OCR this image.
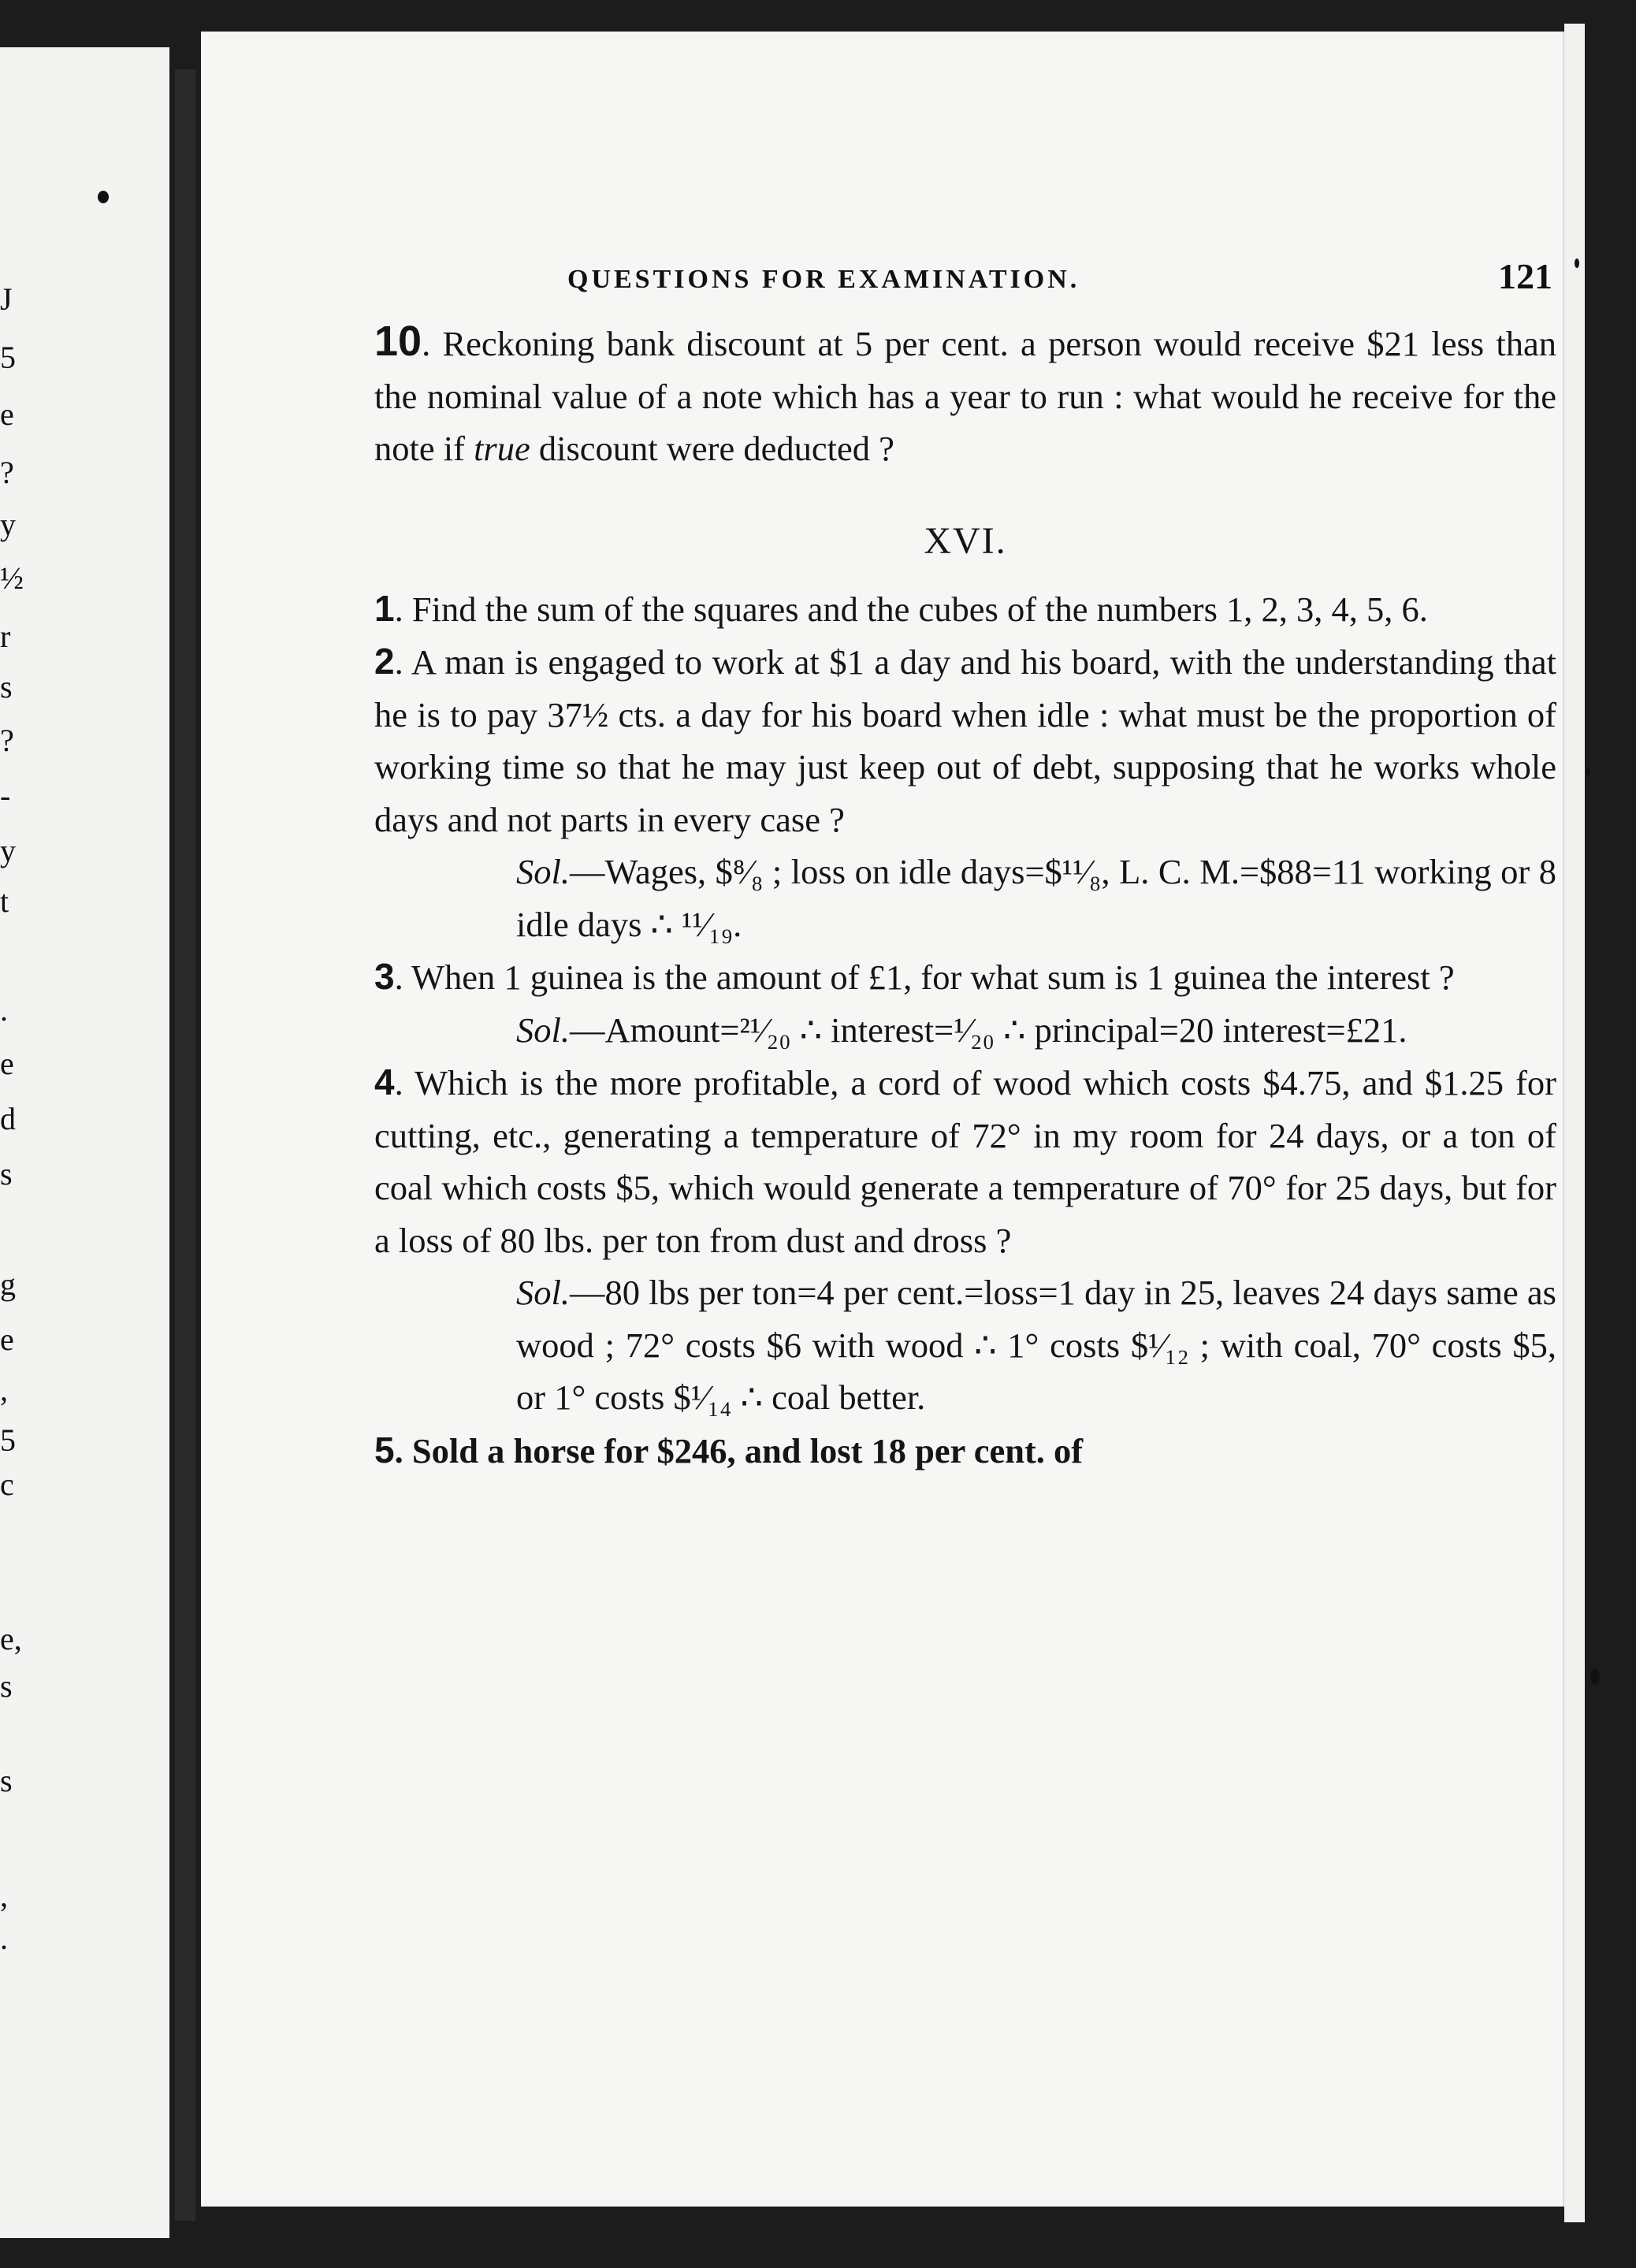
J
5
e
?
y
½
r
s
?
-
y
t
.
e
d
s
g
e
,
5
c
e,
s
s
,
.
QUESTIONS FOR EXAMINATION.	121

10. Reckoning bank discount at 5 per cent. a person would receive $21 less than the nominal value of a note which has a year to run : what would he receive for the note if true discount were deducted ?

XVI.

1. Find the sum of the squares and the cubes of the numbers 1, 2, 3, 4, 5, 6.

2. A man is engaged to work at $1 a day and his board, with the understanding that he is to pay 37½ cts. a day for his board when idle : what must be the proportion of working time so that he may just keep out of debt, supposing that he works whole days and not parts in every case ?

Sol.—Wages, $⁸⁄₈ ; loss on idle days=$¹¹⁄₈, L. C. M.=$88=11 working or 8 idle days ∴ ¹¹⁄₁₉.

3. When 1 guinea is the amount of £1, for what sum is 1 guinea the interest ?

Sol.—Amount=²¹⁄₂₀ ∴ interest=¹⁄₂₀ ∴ principal=20 interest=£21.

4. Which is the more profitable, a cord of wood which costs $4.75, and $1.25 for cutting, etc., generating a temperature of 72° in my room for 24 days, or a ton of coal which costs $5, which would generate a temperature of 70° for 25 days, but for a loss of 80 lbs. per ton from dust and dross ?

Sol.—80 lbs per ton=4 per cent.=loss=1 day in 25, leaves 24 days same as wood ; 72° costs $6 with wood ∴ 1° costs $¹⁄₁₂ ; with coal, 70° costs $5, or 1° costs $¹⁄₁₄ ∴ coal better.

5. Sold a horse for $246, and lost 18 per cent. of
